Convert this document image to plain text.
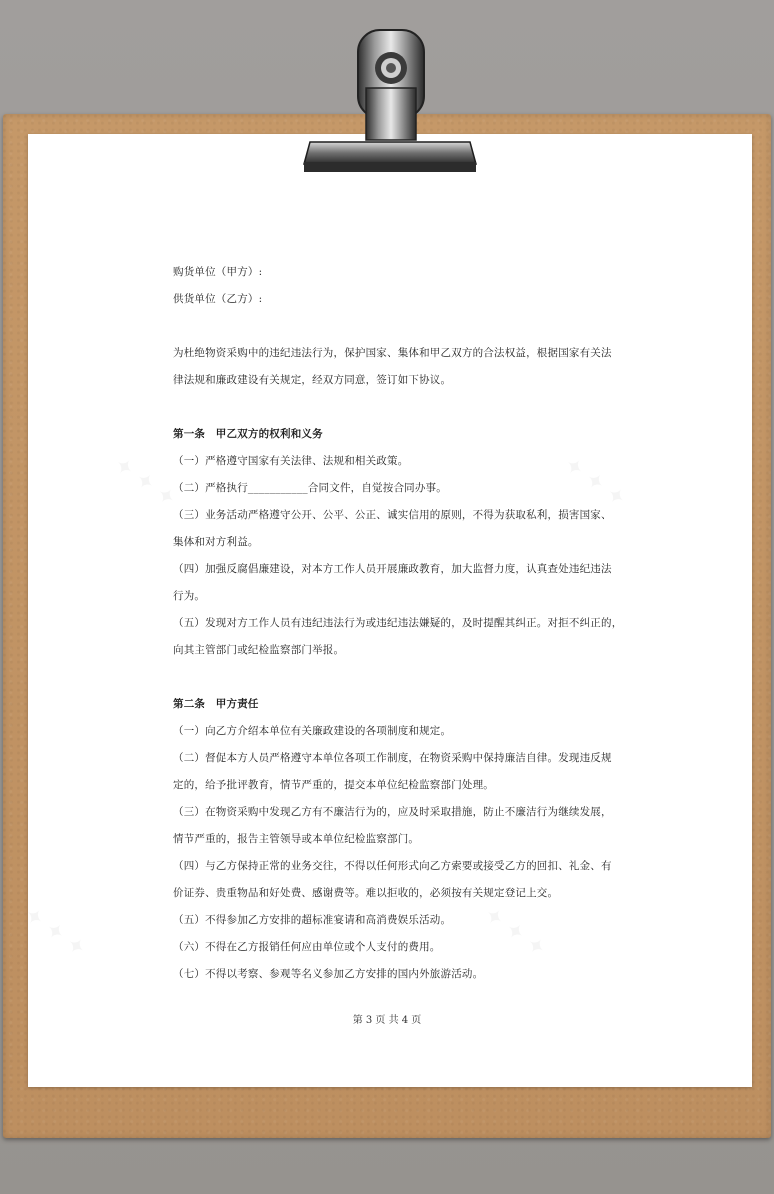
✦ ✦ ✦	✦ ✦ ✦
✦ ✦ ✦	✦ ✦ ✦
购货单位（甲方）:
供货单位（乙方）:
为杜绝物资采购中的违纪违法行为，保护国家、集体和甲乙双方的合法权益，根据国家有关法
律法规和廉政建设有关规定，经双方同意，签订如下协议。
第一条　甲乙双方的权利和义务
（一）严格遵守国家有关法律、法规和相关政策。
（二）严格执行___________合同文件，自觉按合同办事。
（三）业务活动严格遵守公开、公平、公正、诚实信用的原则，不得为获取私利，损害国家、
集体和对方利益。
（四）加强反腐倡廉建设，对本方工作人员开展廉政教育，加大监督力度，认真查处违纪违法
行为。
（五）发现对方工作人员有违纪违法行为或违纪违法嫌疑的，及时提醒其纠正。对拒不纠正的，
向其主管部门或纪检监察部门举报。
第二条　甲方责任
（一）向乙方介绍本单位有关廉政建设的各项制度和规定。
（二）督促本方人员严格遵守本单位各项工作制度，在物资采购中保持廉洁自律。发现违反规
定的，给予批评教育，情节严重的，提交本单位纪检监察部门处理。
（三）在物资采购中发现乙方有不廉洁行为的，应及时采取措施，防止不廉洁行为继续发展，
情节严重的，报告主管领导或本单位纪检监察部门。
（四）与乙方保持正常的业务交往，不得以任何形式向乙方索要或接受乙方的回扣、礼金、有
价证券、贵重物品和好处费、感谢费等。难以拒收的，必须按有关规定登记上交。
（五）不得参加乙方安排的超标准宴请和高消费娱乐活动。
（六）不得在乙方报销任何应由单位或个人支付的费用。
（七）不得以考察、参观等名义参加乙方安排的国内外旅游活动。
第 3 页 共 4 页
